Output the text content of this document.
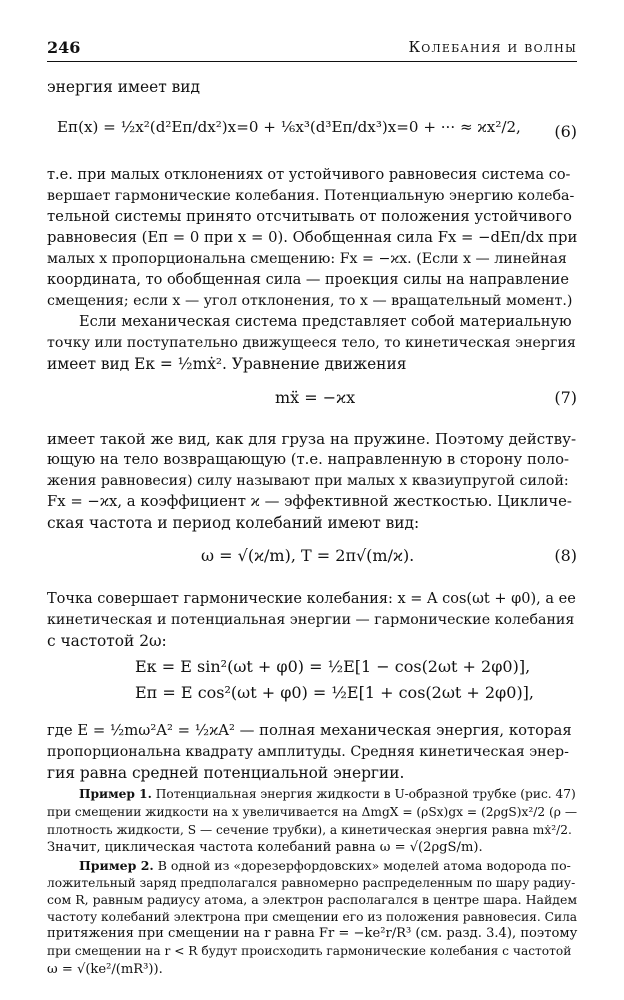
246	Колебания и волны
энергия имеет вид
Eп(x) = ½x²(d²Eп/dx²)x=0 + ⅙x³(d³Eп/dx³)x=0 + ··· ≈ ϰx²/2, (6)
т.е. при малых отклонениях от устойчивого равновесия система со-
вершает гармонические колебания. Потенциальную энергию колеба-
тельной системы принято отсчитывать от положения устойчивого
равновесия (Eп = 0 при x = 0). Обобщенная сила Fx = −dEп/dx при
малых x пропорциональна смещению: Fx = −ϰx. (Если x — линейная
координата, то обобщенная сила — проекция силы на направление
смещения; если x — угол отклонения, то x — вращательный момент.)
Если механическая система представляет собой материальную
точку или поступательно движущееся тело, то кинетическая энергия
имеет вид Eк = ½mẋ². Уравнение движения
mẍ = −ϰx	(7)
имеет такой же вид, как для груза на пружине. Поэтому действу-
ющую на тело возвращающую (т.е. направленную в сторону поло-
жения равновесия) силу называют при малых x квазиупругой силой:
Fx = −ϰx, а коэффициент ϰ — эффективной жесткостью. Цикличе-
ская частота и период колебаний имеют вид:
ω = √(ϰ/m), T = 2π√(m/ϰ).	(8)
Точка совершает гармонические колебания: x = A cos(ωt + φ0), а ее
кинетическая и потенциальная энергии — гармонические колебания
с частотой 2ω:
Eк = E sin²(ωt + φ0) = ½E[1 − cos(2ωt + 2φ0)],
Eп = E cos²(ωt + φ0) = ½E[1 + cos(2ωt + 2φ0)],
где E = ½mω²A² = ½ϰA² — полная механическая энергия, которая
пропорциональна квадрату амплитуды. Средняя кинетическая энер-
гия равна средней потенциальной энергии.
Пример 1. Потенциальная энергия жидкости в U-образной трубке (рис. 47)
при смещении жидкости на x увеличивается на ΔmgX = (ρSx)gx = (2ρgS)x²/2 (ρ —
плотность жидкости, S — сечение трубки), а кинетическая энергия равна mẋ²/2.
Значит, циклическая частота колебаний равна ω = √(2ρgS/m).
Пример 2. В одной из «дорезерфордовских» моделей атома водорода по-
ложительный заряд предполагался равномерно распределенным по шару радиу-
сом R, равным радиусу атома, а электрон располагался в центре шара. Найдем
частоту колебаний электрона при смещении его из положения равновесия. Сила
притяжения при смещении на r равна Fr = −ke²r/R³ (см. разд. 3.4), поэтому
при смещении на r < R будут происходить гармонические колебания с частотой
ω = √(ke²/(mR³)).
